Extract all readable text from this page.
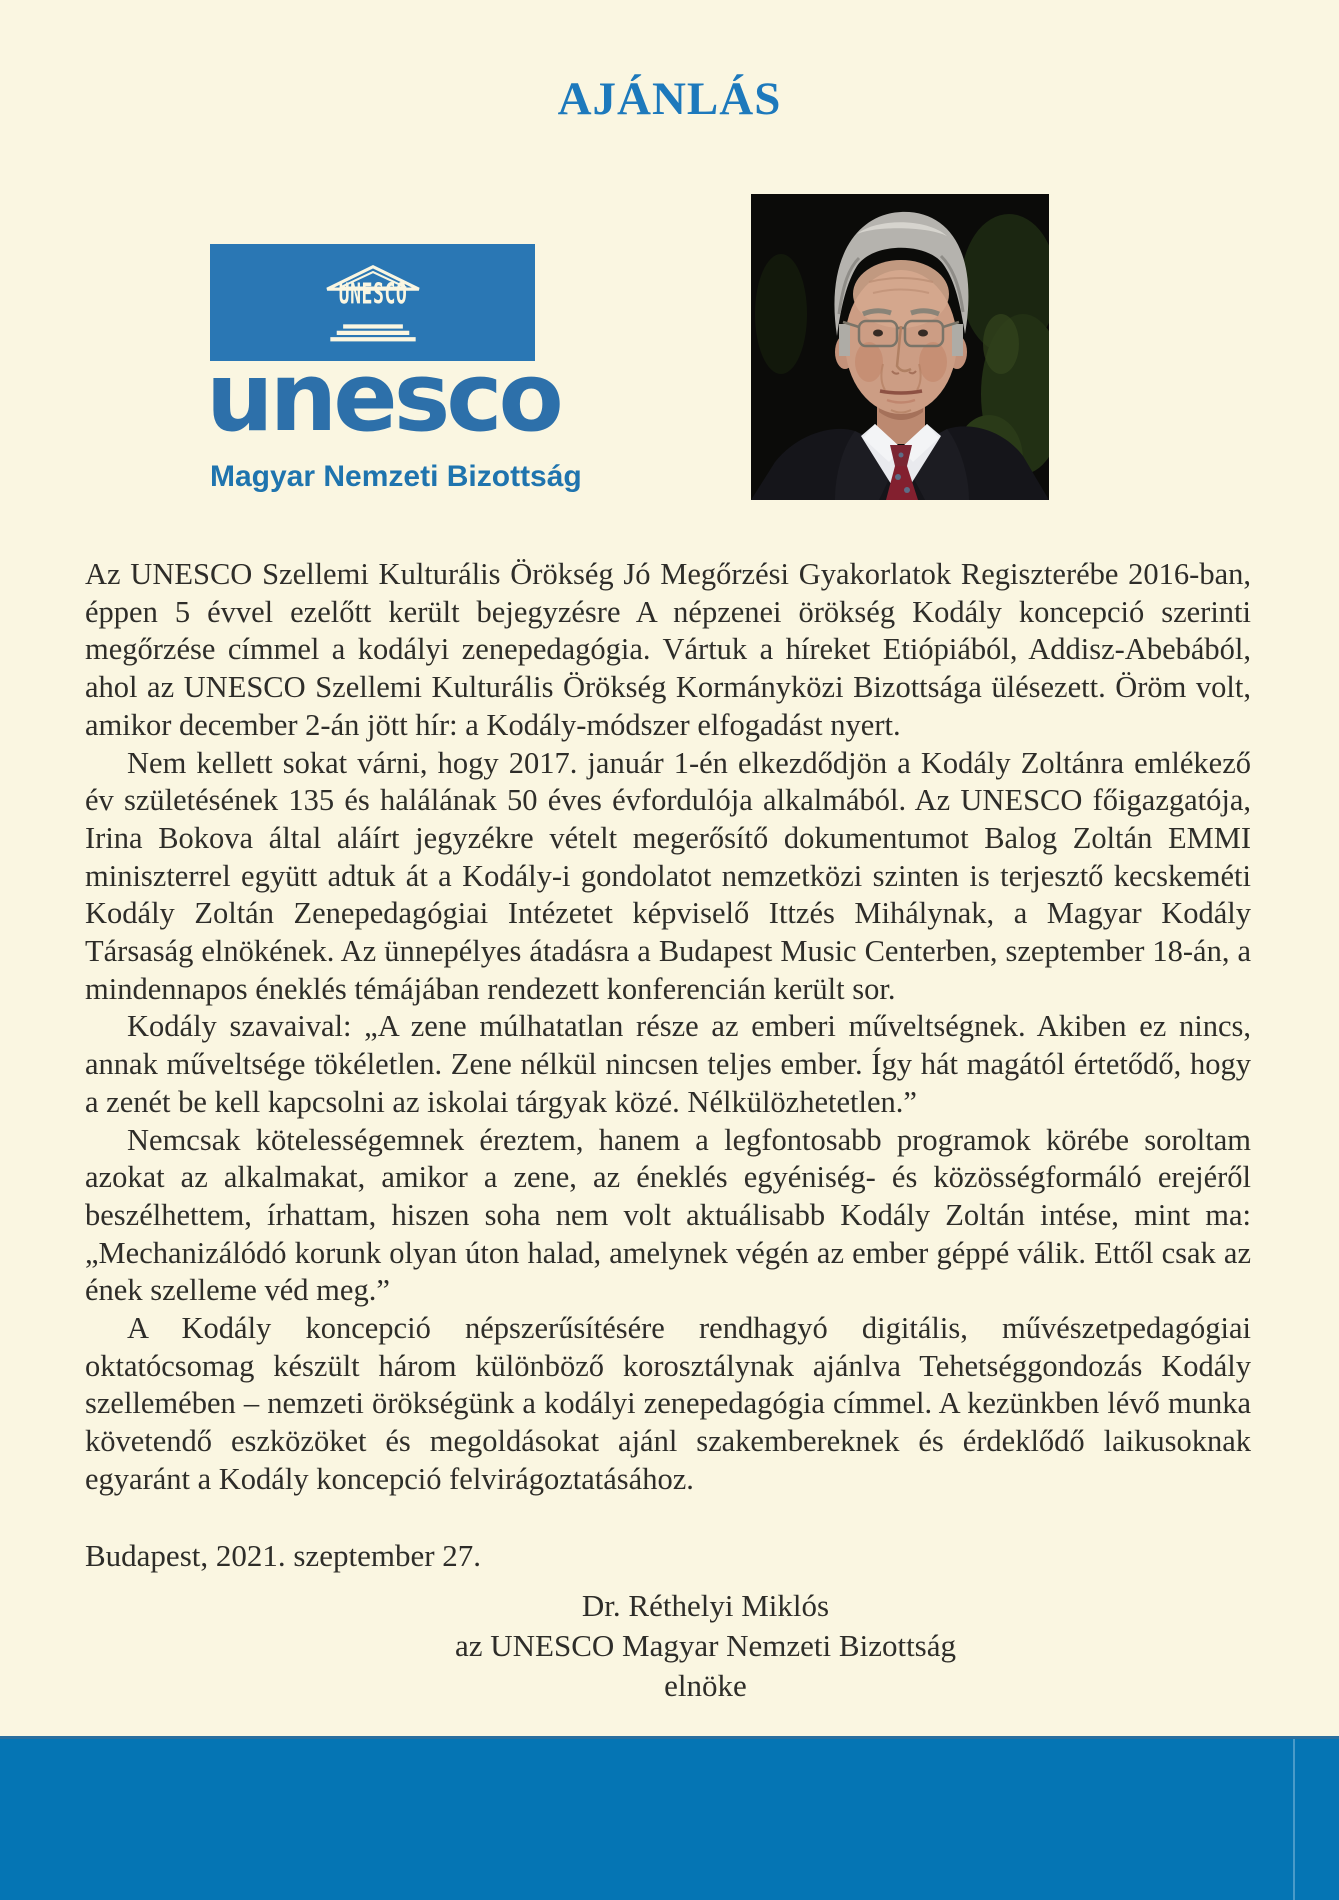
AJÁNLÁS
UNESCO
unesco
Magyar Nemzeti Bizottság

Az UNESCO Szellemi Kulturális Örökség Jó Megőrzési Gyakorlatok Regiszterébe 2016-ban, éppen 5 évvel ezelőtt került bejegyzésre A népzenei örökség Kodály koncepció szerinti megőrzése címmel a kodályi zenepedagógia. Vártuk a híreket Etiópiából, Addisz-Abebából, ahol az UNESCO Szellemi Kulturális Örökség Kormányközi Bizottsága ülésezett. Öröm volt, amikor december 2-án jött hír: a Kodály-módszer elfogadást nyert.

Nem kellett sokat várni, hogy 2017. január 1-én elkezdődjön a Kodály Zoltánra emlékező év születésének 135 és halálának 50 éves évfordulója alkalmából. Az UNESCO főigazgatója, Irina Bokova által aláírt jegyzékre vételt megerősítő dokumentumot Balog Zoltán EMMI miniszterrel együtt adtuk át a Kodály-i gondolatot nemzetközi szinten is terjesztő kecskeméti Kodály Zoltán Zenepedagógiai Intézetet képviselő Ittzés Mihálynak, a Magyar Kodály Társaság elnökének. Az ünnepélyes átadásra a Budapest Music Centerben, szeptember 18-án, a mindennapos éneklés témájában rendezett konferencián került sor.

Kodály szavaival: „A zene múlhatatlan része az emberi műveltségnek. Akiben ez nincs, annak műveltsége tökéletlen. Zene nélkül nincsen teljes ember. Így hát magától értetődő, hogy a zenét be kell kapcsolni az iskolai tárgyak közé. Nélkülözhetetlen.”

Nemcsak kötelességemnek éreztem, hanem a legfontosabb programok körébe soroltam azokat az alkalmakat, amikor a zene, az éneklés egyéniség- és közösségformáló erejéről beszélhettem, írhattam, hiszen soha nem volt aktuálisabb Kodály Zoltán intése, mint ma: „Mechanizálódó korunk olyan úton halad, amelynek végén az ember géppé válik. Ettől csak az ének szelleme véd meg.”

A Kodály koncepció népszerűsítésére rendhagyó digitális, művészetpedagógiai oktatócsomag készült három különböző korosztálynak ajánlva Tehetséggondozás Kodály szellemében – nemzeti örökségünk a kodályi zenepedagógia címmel. A kezünkben lévő munka követendő eszközöket és megoldásokat ajánl szakembereknek és érdeklődő laikusoknak egyaránt a Kodály koncepció felvirágoztatásához.

Budapest, 2021. szeptember 27.
Dr. Réthelyi Miklós
az UNESCO Magyar Nemzeti Bizottság
elnöke
